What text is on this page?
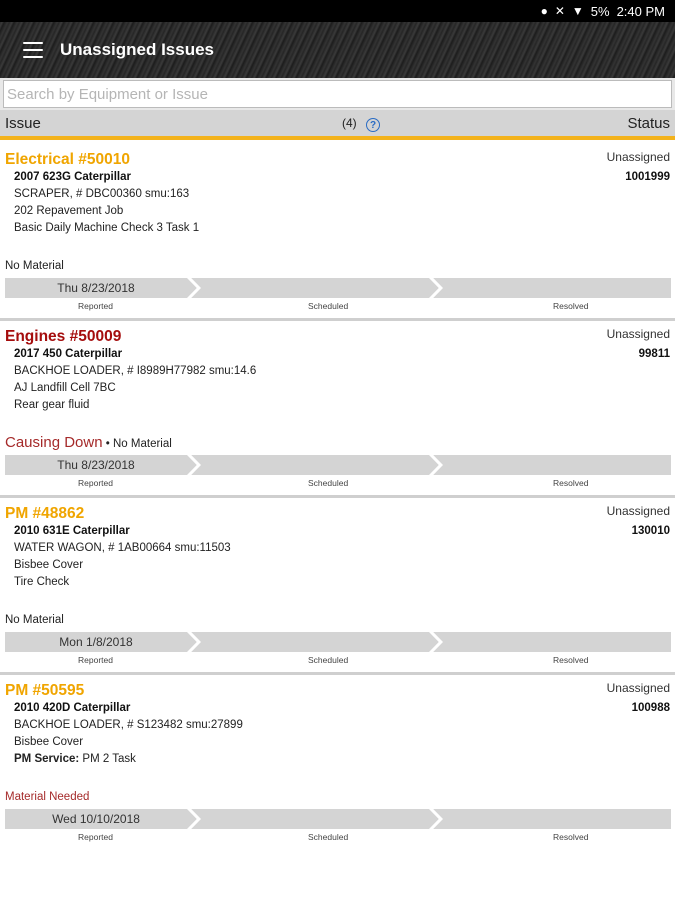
● ✕ ▼ 5% 2:40 PM
Unassigned Issues
Search by Equipment or Issue
Issue	(4)	?	Status
Electrical #50010	Unassigned
2007 623G Caterpillar	1001999
SCRAPER, # DBC00360 smu:163
202 Repavement Job
Basic Daily Machine Check 3 Task 1
No Material
Thu 8/23/2018
Reported	Scheduled	Resolved
Engines #50009	Unassigned
2017 450 Caterpillar	99811
BACKHOE LOADER, # I8989H77982 smu:14.6
AJ Landfill Cell 7BC
Rear gear fluid
Causing Down • No Material
Thu 8/23/2018
Reported	Scheduled	Resolved
PM #48862	Unassigned
2010 631E Caterpillar	130010
WATER WAGON, # 1AB00664 smu:11503
Bisbee Cover
Tire Check
No Material
Mon 1/8/2018
Reported	Scheduled	Resolved
PM #50595	Unassigned
2010 420D Caterpillar	100988
BACKHOE LOADER, # S123482 smu:27899
Bisbee Cover
PM Service: PM 2 Task
Material Needed
Wed 10/10/2018
Reported	Scheduled	Resolved
